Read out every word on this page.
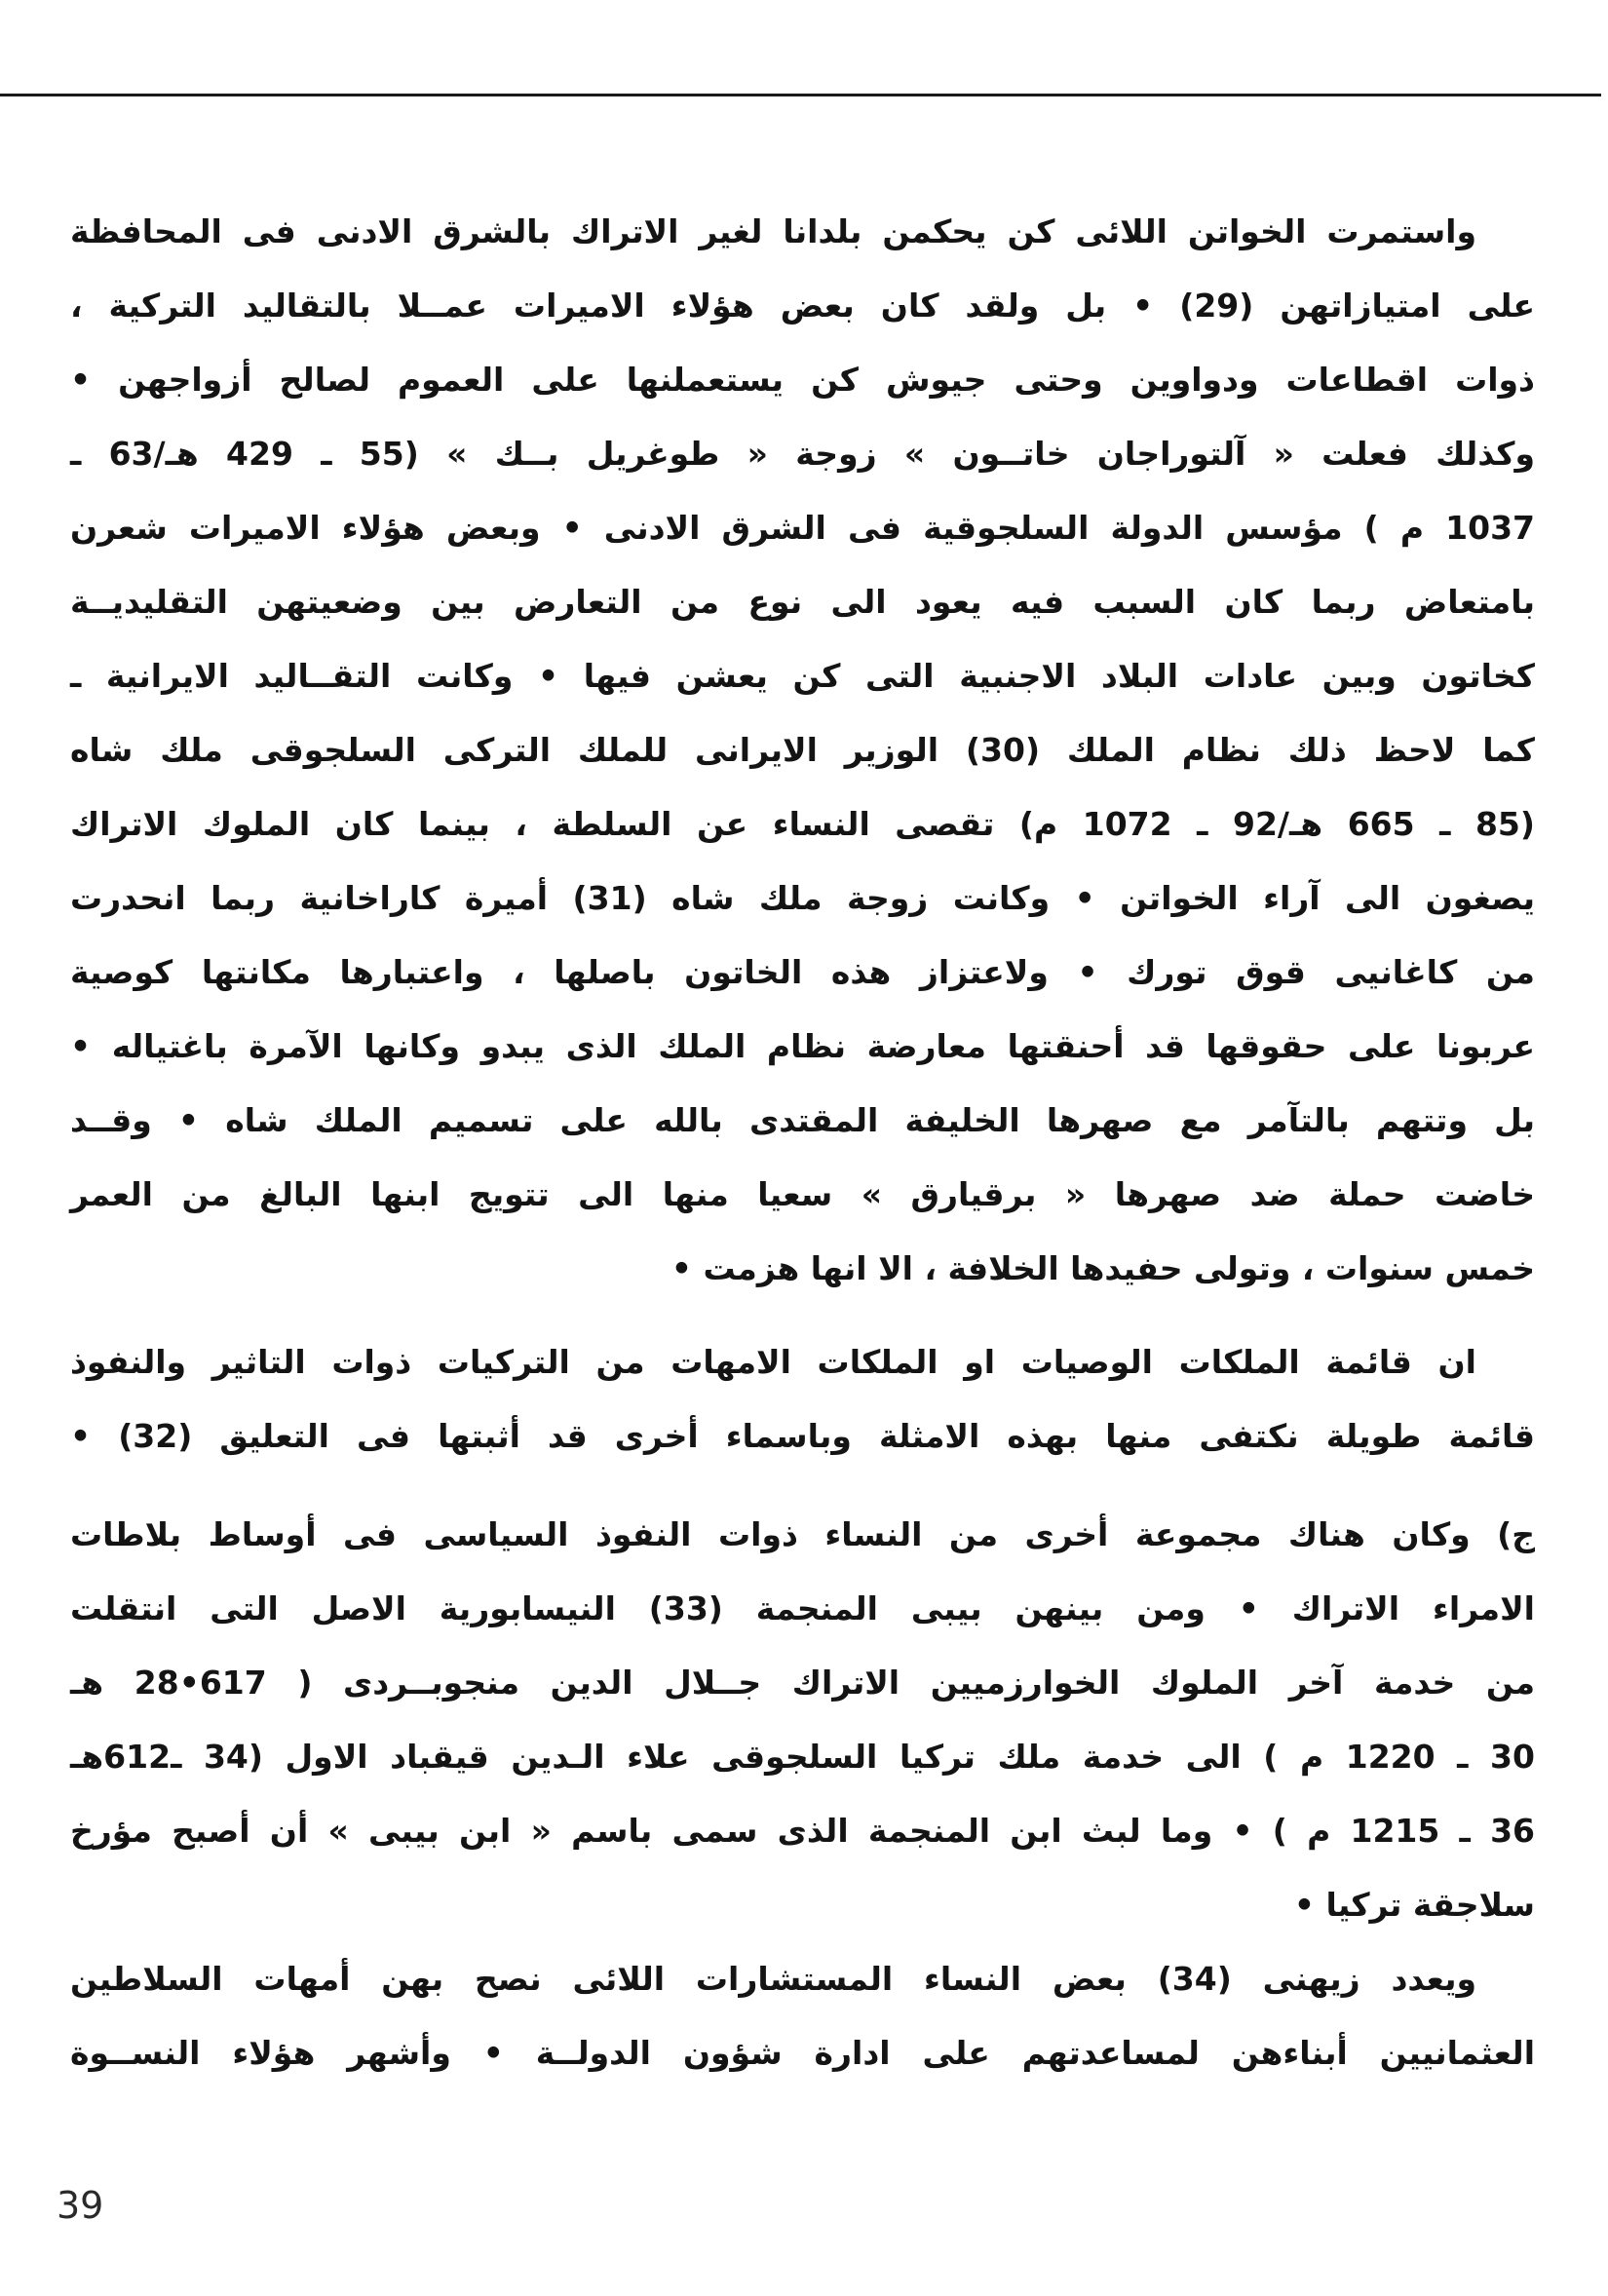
واستمرت الخواتن اللائى كن يحكمن بلدانا لغير الاتراك بالشرق الادنى فى المحافظة
على امتيازاتهن (29) • بل ولقد كان بعض هؤلاء الاميرات عمــلا بالتقاليد التركية ،
ذوات اقطاعات ودواوين وحتى جيوش كن يستعملنها على العموم لصالح أزواجهن •
وكذلك فعلت « آلتوراجان خاتــون » زوجة « طوغريل بــك » (55 ـ 429 هـ/63 ـ
1037 م ) مؤسس الدولة السلجوقية فى الشرق الادنى • وبعض هؤلاء الاميرات شعرن
بامتعاض ربما كان السبب فيه يعود الى نوع من التعارض بين وضعيتهن التقليديــة
كخاتون وبين عادات البلاد الاجنبية التى كن يعشن فيها • وكانت التقــاليد الايرانية ـ
كما لاحظ ذلك نظام الملك (30) الوزير الايرانى للملك التركى السلجوقى ملك شاه
(85 ـ 665 هـ/92 ـ 1072 م) تقصى النساء عن السلطة ، بينما كان الملوك الاتراك
يصغون الى آراء الخواتن • وكانت زوجة ملك شاه (31) أميرة كاراخانية ربما انحدرت
من كاغانيى قوق تورك • ولاعتزاز هذه الخاتون باصلها ، واعتبارها مكانتها كوصية
عربونا على حقوقها قد أحنقتها معارضة نظام الملك الذى يبدو وكانها الآمرة باغتياله •
بل وتتهم بالتآمر مع صهرها الخليفة المقتدى بالله على تسميم الملك شاه • وقــد
خاضت حملة ضد صهرها « برقيارق » سعيا منها الى تتويج ابنها البالغ من العمر
خمس سنوات ، وتولى حفيدها الخلافة ، الا انها هزمت •
ان قائمة الملكات الوصيات او الملكات الامهات من التركيات ذوات التاثير والنفوذ
قائمة طويلة نكتفى منها بهذه الامثلة وباسماء أخرى قد أثبتها فى التعليق (32) •
ج) وكان هناك مجموعة أخرى من النساء ذوات النفوذ السياسى فى أوساط بلاطات
الامراء الاتراك • ومن بينهن بيبى المنجمة (33) النيسابورية الاصل التى انتقلت
من خدمة آخر الملوك الخوارزميين الاتراك جــلال الدين منجوبــردى ( 617•28 هـ
30 ـ 1220 م ) الى خدمة ملك تركيا السلجوقى علاء الـدين قيقباد الاول (34 ـ612هـ
36 ـ 1215 م ) • وما لبث ابن المنجمة الذى سمى باسم « ابن بيبى » أن أصبح مؤرخ
سلاجقة تركيا •
ويعدد زيهنى (34) بعض النساء المستشارات اللائى نصح بهن أمهات السلاطين
العثمانيين أبناءهن لمساعدتهم على ادارة شؤون الدولــة • وأشهر هؤلاء النســوة
39
